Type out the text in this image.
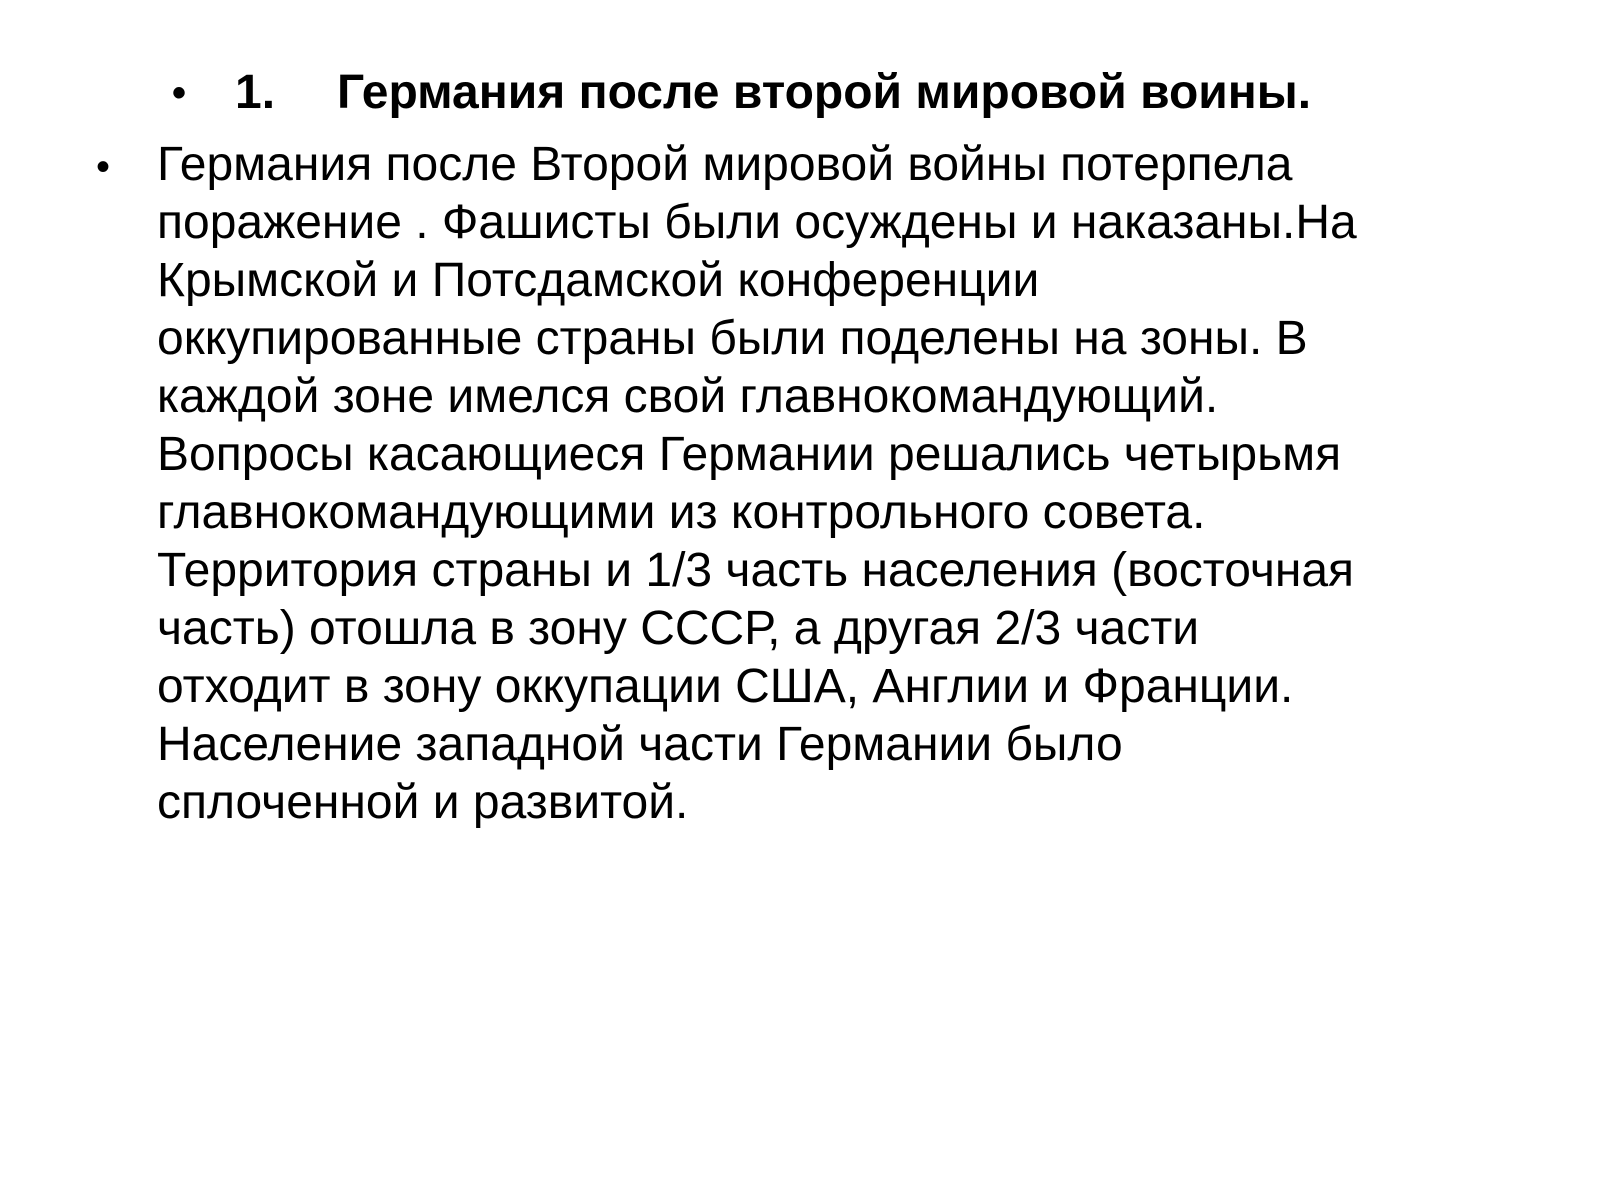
• 1. Германия после второй мировой воины.
• Германия после Второй мировой войны потерпела
поражение . Фашисты были осуждены и наказаны.На
Крымской и Потсдамской конференции
оккупированные страны были поделены на зоны. В
каждой зоне имелся свой главнокомандующий.
Вопросы касающиеся Германии решались четырьмя
главнокомандующими из контрольного совета.
Территория страны и 1/3 часть населения (восточная
часть) отошла в зону СССР, а другая 2/3 части
отходит в зону оккупации США, Англии и Франции.
Население западной части Германии было
сплоченной и развитой.
